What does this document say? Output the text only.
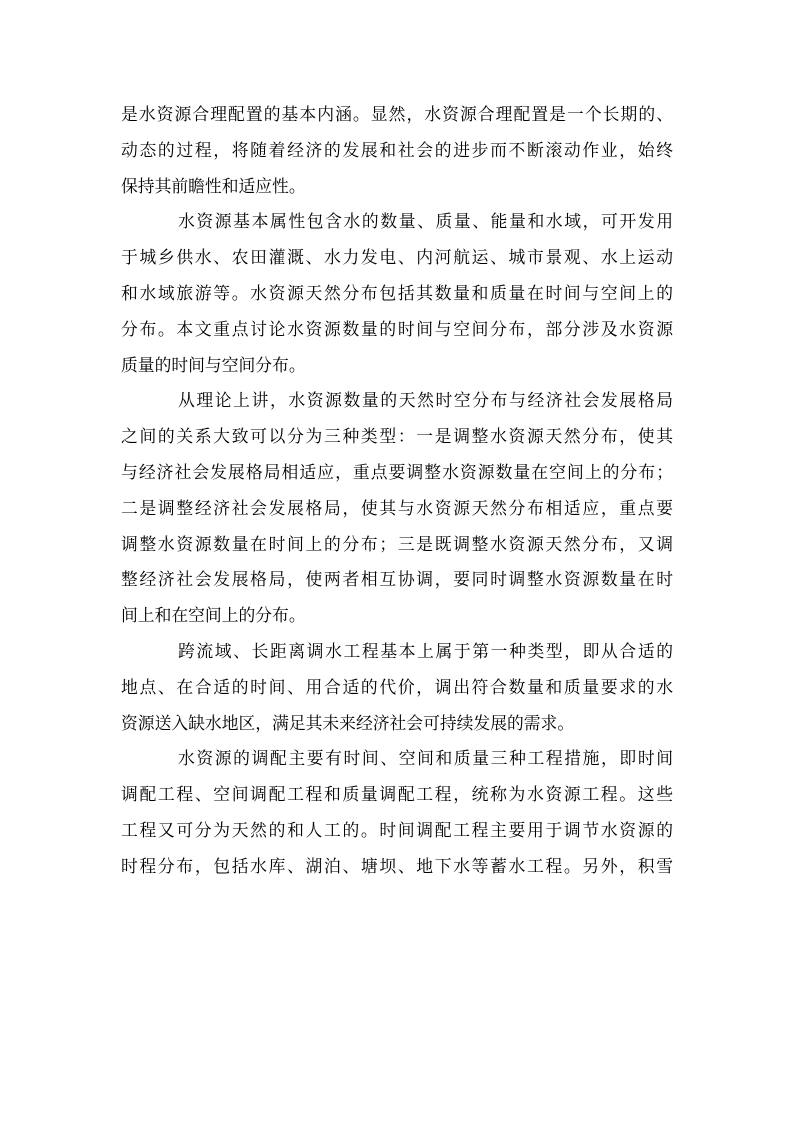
是水资源合理配置的基本内涵。显然，水资源合理配置是一个长期的、
动态的过程，将随着经济的发展和社会的进步而不断滚动作业，始终
保持其前瞻性和适应性。
水资源基本属性包含水的数量、质量、能量和水域，可开发用
于城乡供水、农田灌溉、水力发电、内河航运、城市景观、水上运动
和水域旅游等。水资源天然分布包括其数量和质量在时间与空间上的
分布。本文重点讨论水资源数量的时间与空间分布，部分涉及水资源
质量的时间与空间分布。
从理论上讲，水资源数量的天然时空分布与经济社会发展格局
之间的关系大致可以分为三种类型：一是调整水资源天然分布，使其
与经济社会发展格局相适应，重点要调整水资源数量在空间上的分布；
二是调整经济社会发展格局，使其与水资源天然分布相适应，重点要
调整水资源数量在时间上的分布；三是既调整水资源天然分布，又调
整经济社会发展格局，使两者相互协调，要同时调整水资源数量在时
间上和在空间上的分布。
跨流域、长距离调水工程基本上属于第一种类型，即从合适的
地点、在合适的时间、用合适的代价，调出符合数量和质量要求的水
资源送入缺水地区，满足其未来经济社会可持续发展的需求。
水资源的调配主要有时间、空间和质量三种工程措施，即时间
调配工程、空间调配工程和质量调配工程，统称为水资源工程。这些
工程又可分为天然的和人工的。时间调配工程主要用于调节水资源的
时程分布，包括水库、湖泊、塘坝、地下水等蓄水工程。另外，积雪
